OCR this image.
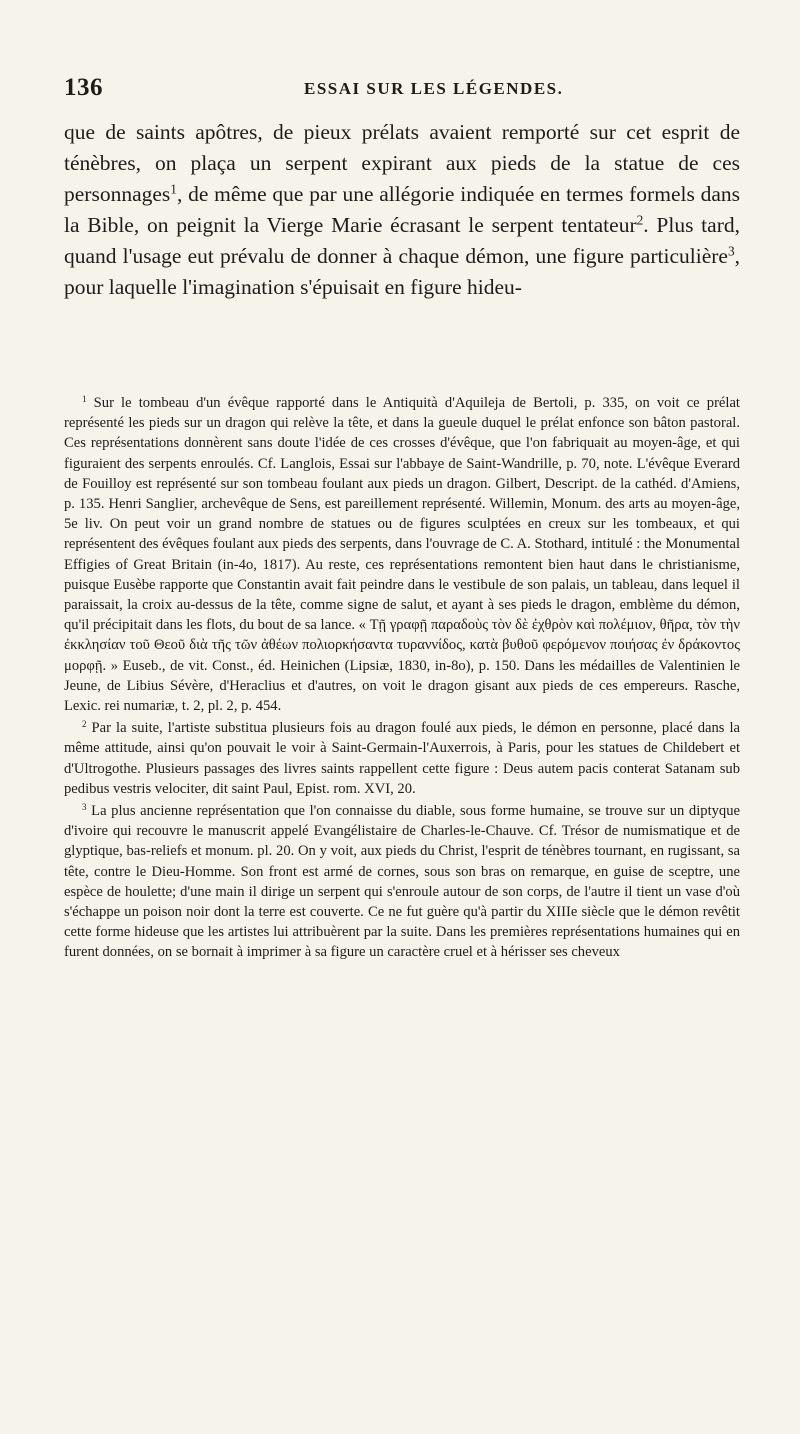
136	ESSAI SUR LES LÉGENDES.

que de saints apôtres, de pieux prélats avaient remporté sur cet esprit de ténèbres, on plaça un serpent expirant aux pieds de la statue de ces personnages$^1$, de même que par une allégorie indiquée en termes formels dans la Bible, on peignit la Vierge Marie écrasant le serpent tentateur$^2$. Plus tard, quand l'usage eut prévalu de donner à chaque démon, une figure particulière$^3$, pour laquelle l'imagination s'épuisait en figure hideu-

$^1$ Sur le tombeau d'un évêque rapporté dans le Antiquità d'Aquileja de Bertoli, p. 335, on voit ce prélat représenté les pieds sur un dragon qui relève la tête, et dans la gueule duquel le prélat enfonce son bâton pastoral. Ces représentations donnèrent sans doute l'idée de ces crosses d'évêque, que l'on fabriquait au moyen-âge, et qui figuraient des serpents enroulés. Cf. Langlois, Essai sur l'abbaye de Saint-Wandrille, p. 70, note. L'évêque Everard de Fouilloy est représenté sur son tombeau foulant aux pieds un dragon. Gilbert, Descript. de la cathéd. d'Amiens, p. 135. Henri Sanglier, archevêque de Sens, est pareillement représenté. Willemin, Monum. des arts au moyen-âge, 5e liv. On peut voir un grand nombre de statues ou de figures sculptées en creux sur les tombeaux, et qui représentent des évêques foulant aux pieds des serpents, dans l'ouvrage de C. A. Stothard, intitulé : the Monumental Effigies of Great Britain (in-4o, 1817). Au reste, ces représentations remontent bien haut dans le christianisme, puisque Eusèbe rapporte que Constantin avait fait peindre dans le vestibule de son palais, un tableau, dans lequel il paraissait, la croix au-dessus de la tête, comme signe de salut, et ayant à ses pieds le dragon, emblème du démon, qu'il précipitait dans les flots, du bout de sa lance. « Τῇ γραφῇ παραδοὺς τὸν δὲ ἐχθρὸν καὶ πολέμιον, θῆρα, τὸν τὴν ἐκκλησίαν τοῦ Θεοῦ διὰ τῆς τῶν ἀθέων πολιορκήσαντα τυραννίδος, κατὰ βυθοῦ φερόμενον ποιήσας ἐν δράκοντος μορφῇ. » Euseb., de vit. Const., éd. Heinichen (Lipsiæ, 1830, in-8o), p. 150. Dans les médailles de Valentinien le Jeune, de Libius Sévère, d'Heraclius et d'autres, on voit le dragon gisant aux pieds de ces empereurs. Rasche, Lexic. rei numariæ, t. 2, pl. 2, p. 454.

$^2$ Par la suite, l'artiste substitua plusieurs fois au dragon foulé aux pieds, le démon en personne, placé dans la même attitude, ainsi qu'on pouvait le voir à Saint-Germain-l'Auxerrois, à Paris, pour les statues de Childebert et d'Ultrogothe. Plusieurs passages des livres saints rappellent cette figure : Deus autem pacis conterat Satanam sub pedibus vestris velociter, dit saint Paul, Epist. rom. XVI, 20.

$^3$ La plus ancienne représentation que l'on connaisse du diable, sous forme humaine, se trouve sur un diptyque d'ivoire qui recouvre le manuscrit appelé Evangélistaire de Charles-le-Chauve. Cf. Trésor de numismatique et de glyptique, bas-reliefs et monum. pl. 20. On y voit, aux pieds du Christ, l'esprit de ténèbres tournant, en rugissant, sa tête, contre le Dieu-Homme. Son front est armé de cornes, sous son bras on remarque, en guise de sceptre, une espèce de houlette; d'une main il dirige un serpent qui s'enroule autour de son corps, de l'autre il tient un vase d'où s'échappe un poison noir dont la terre est couverte. Ce ne fut guère qu'à partir du XIIIe siècle que le démon revêtit cette forme hideuse que les artistes lui attribuèrent par la suite. Dans les premières représentations humaines qui en furent données, on se bornait à imprimer à sa figure un caractère cruel et à hérisser ses cheveux
